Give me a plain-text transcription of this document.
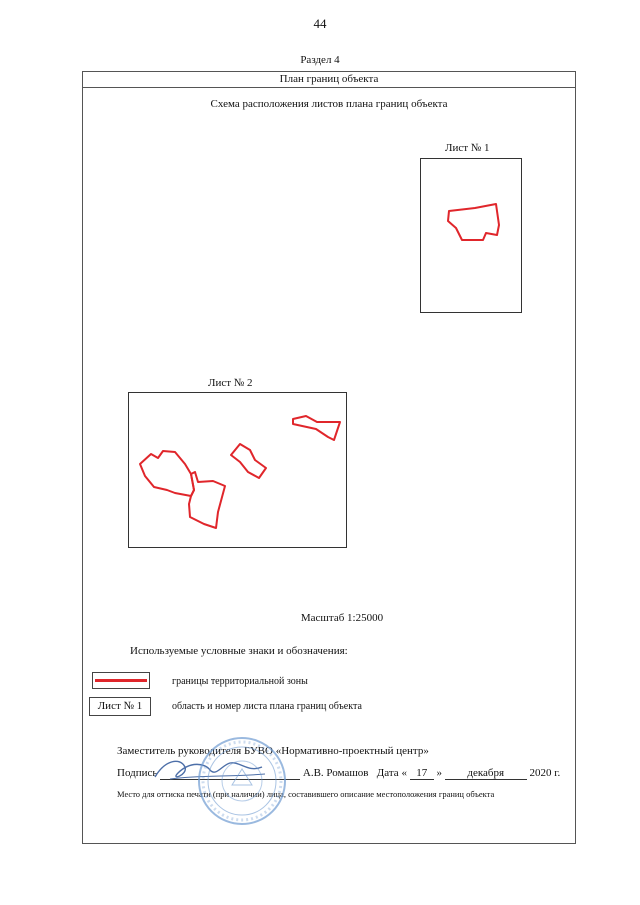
44
Раздел 4
План границ объекта
Схема расположения листов плана границ объекта
Лист № 1
Лист № 2
Масштаб 1:25000
Используемые условные знаки и обозначения:
границы территориальной зоны
Лист № 1	область и номер листа плана границ объекта
Заместитель руководителя БУВО «Нормативно-проектный центр»
Подпись	А.В. Ромашов Дата « 17 » декабря 2020 г.
Место для оттиска печати (при наличии) лица, составившего описание местоположения границ объекта
